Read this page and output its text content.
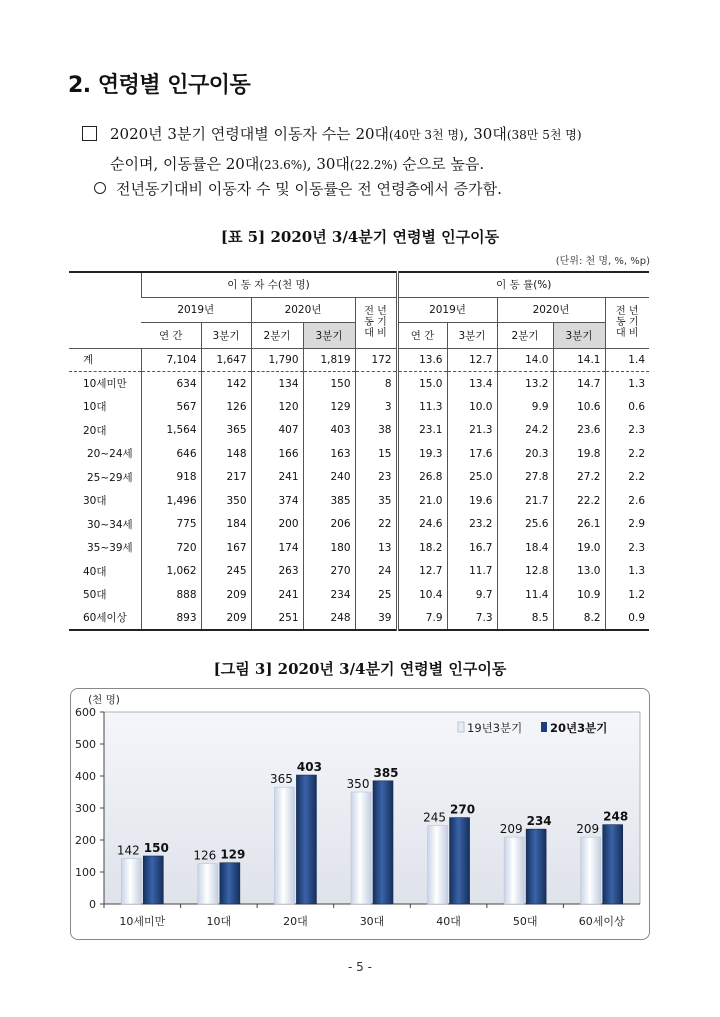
2. 연령별 인구이동
2020년 3분기 연령대별 이동자 수는 20대(40만 3천 명), 30대(38만 5천 명)
순이며, 이동률은 20대(23.6%), 30대(22.2%) 순으로 높음.
전년동기대비 이동자 수 및 이동률은 전 연령층에서 증가함.
[표 5] 2020년 3/4분기 연령별 인구이동
(단위: 천 명, %, %p)
	이 동 자 수(천 명)					이 동 률(%)				
	2019년		2020년		전 년
동 기
대 비	2019년		2020년		전 년
동 기
대 비
	연 간	3분기	2분기	3분기		연 간	3분기	2분기	3분기	
계	7,104	1,647	1,790	1,819	172	13.6	12.7	14.0	14.1	1.4
10세미만	634	142	134	150	8	15.0	13.4	13.2	14.7	1.3
10대	567	126	120	129	3	11.3	10.0	9.9	10.6	0.6
20대	1,564	365	407	403	38	23.1	21.3	24.2	23.6	2.3
20~24세	646	148	166	163	15	19.3	17.6	20.3	19.8	2.2
25~29세	918	217	241	240	23	26.8	25.0	27.8	27.2	2.2
30대	1,496	350	374	385	35	21.0	19.6	21.7	22.2	2.6
30~34세	775	184	200	206	22	24.6	23.2	25.6	26.1	2.9
35~39세	720	167	174	180	13	18.2	16.7	18.4	19.0	2.3
40대	1,062	245	263	270	24	12.7	11.7	12.8	13.0	1.3
50대	888	209	241	234	25	10.4	9.7	11.4	10.9	1.2
60세이상	893	209	251	248	39	7.9	7.3	8.5	8.2	0.9
[그림 3] 2020년 3/4분기 연령별 인구이동
0
100
200
300
400
500
600
(천 명)
10세미만
142 150
10대
126 129
20대
365
403
30대
350
385
40대
245
270
50대
209
234
60세이상
209
248
19년3분기 20년3분기
- 5 -
